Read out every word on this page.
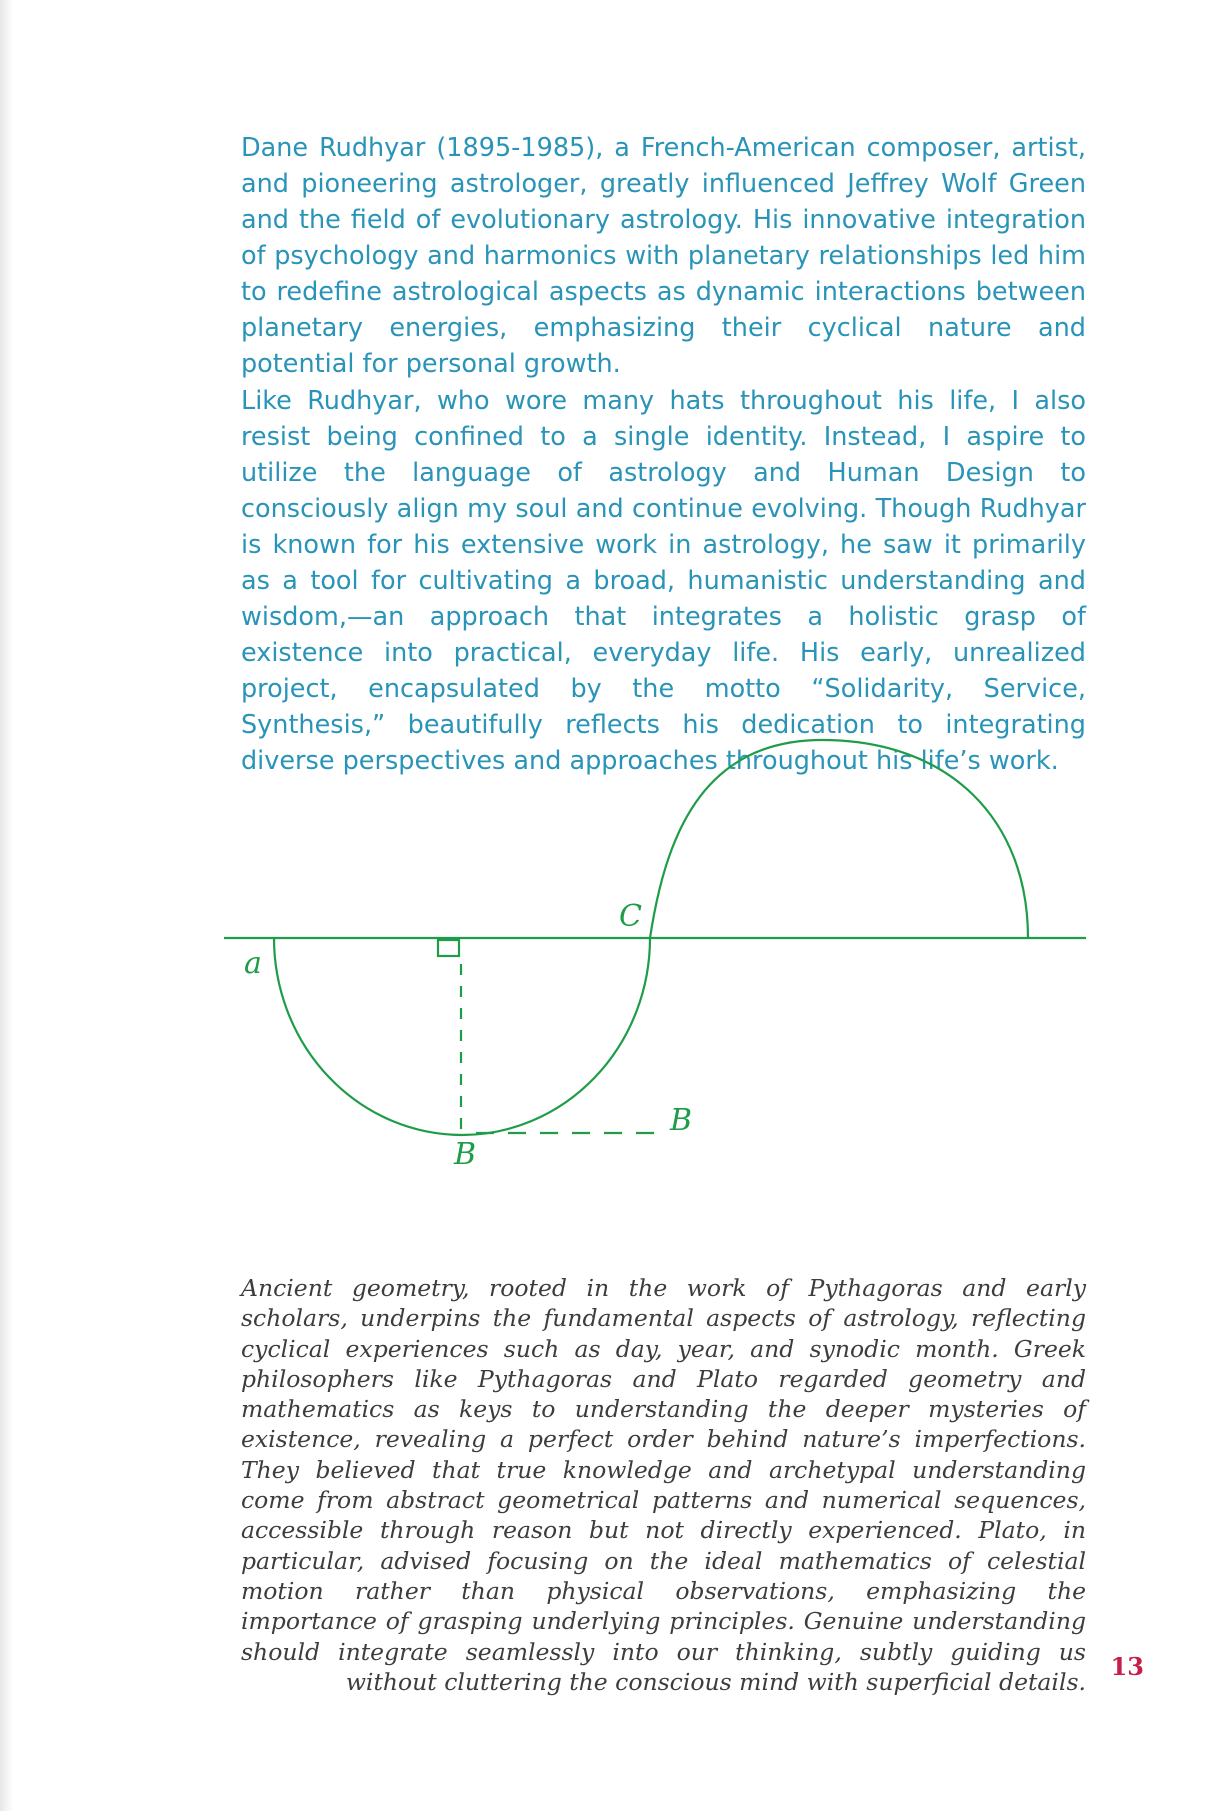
Dane Rudhyar (1895-1985), a French-American composer, artist, and pioneering astrologer, greatly influenced Jeffrey Wolf Green and the field of evolutionary astrology. His innovative integration of psychology and harmonics with planetary relationships led him to redefine astrological aspects as dynamic interactions between planetary energies, emphasizing their cyclical nature and potential for personal growth.

Like Rudhyar, who wore many hats throughout his life, I also resist being confined to a single identity. Instead, I aspire to utilize the language of astrology and Human Design to consciously align my soul and continue evolving. Though Rudhyar is known for his extensive work in astrology, he saw it primarily as a tool for cultivating a broad, humanistic understanding and wisdom,—an approach that integrates a holistic grasp of existence into practical, everyday life. His early, unrealized project, encapsulated by the motto “Solidarity, Service, Synthesis,” beautifully reflects his dedication to integrating diverse perspectives and approaches throughout his life’s work.

a
C
B
B

Ancient geometry, rooted in the work of Pythagoras and early scholars, underpins the fundamental aspects of astrology, reflecting cyclical experiences such as day, year, and synodic month. Greek philosophers like Pythagoras and Plato regarded geometry and mathematics as keys to understanding the deeper mysteries of existence, revealing a perfect order behind nature’s imperfections. They believed that true knowledge and archetypal understanding come from abstract geometrical patterns and numerical sequences, accessible through reason but not directly experienced. Plato, in particular, advised focusing on the ideal mathematics of celestial motion rather than physical observations, emphasizing the importance of grasping underlying principles. Genuine understanding should integrate seamlessly into our thinking, subtly guiding us without cluttering the conscious mind with superficial details.

13
